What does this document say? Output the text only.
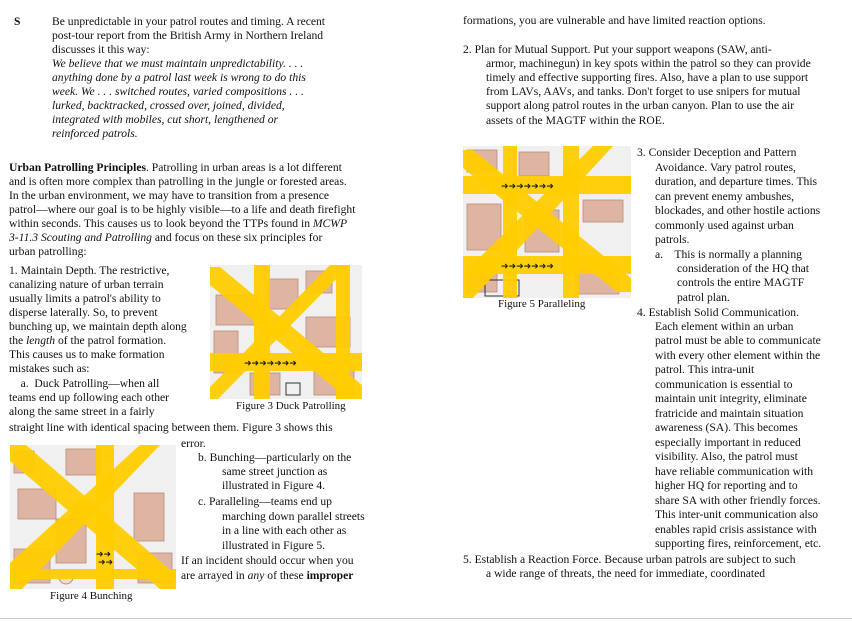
S	Be unpredictable in your patrol routes and timing. A recent
post-tour report from the British Army in Northern Ireland
discusses it this way:
We believe that we must maintain unpredictability. . . .
anything done by a patrol last week is wrong to do this
week. We . . . switched routes, varied compositions . . .
lurked, backtracked, crossed over, joined, divided,
integrated with mobiles, cut short, lengthened or
reinforced patrols.
Urban Patrolling Principles. Patrolling in urban areas is a lot different
and is often more complex than patrolling in the jungle or forested areas.
In the urban environment, we may have to transition from a presence
patrol—where our goal is to be highly visible—to a life and death firefight
within seconds. This causes us to look beyond the TTPs found in MCWP
3-11.3 Scouting and Patrolling and focus on these six principles for
urban patrolling:
1. Maintain Depth. The restrictive,
canalizing nature of urban terrain
usually limits a patrol's ability to
disperse laterally. So, to prevent
bunching up, we maintain depth along
the length of the patrol formation.
This causes us to make formation
mistakes such as:
a.  Duck Patrolling—when all
teams end up following each other
along the same street in a fairly
straight line with identical spacing between them. Figure 3 shows this
error.
b. Bunching—particularly on the
same street junction as
illustrated in Figure 4.
c. Paralleling—teams end up
marching down parallel streets
in a line with each other as
illustrated in Figure 5.
If an incident should occur when you
are arrayed in any of these improper
➜➜➜➜➜➜➜
Figure 3 Duck Patrolling
➜➜
➜➜
Figure 4 Bunching
formations, you are vulnerable and have limited reaction options.
2. Plan for Mutual Support. Put your support weapons (SAW, anti-
armor, machinegun) in key spots within the patrol so they can provide
timely and effective supporting fires. Also, have a plan to use support
from LAVs, AAVs, and tanks. Don't forget to use snipers for mutual
support along patrol routes in the urban canyon. Plan to use the air
assets of the MAGTF within the ROE.
3. Consider Deception and Pattern
Avoidance. Vary patrol routes,
duration, and departure times. This
can prevent enemy ambushes,
blockades, and other hostile actions
commonly used against urban
patrols.
a.    This is normally a planning
consideration of the HQ that
controls the entire MAGTF
patrol plan.
4. Establish Solid Communication.
Each element within an urban
patrol must be able to communicate
with every other element within the
patrol. This intra-unit
communication is essential to
maintain unit integrity, eliminate
fratricide and maintain situation
awareness (SA). This becomes
especially important in reduced
visibility. Also, the patrol must
have reliable communication with
higher HQ for reporting and to
share SA with other friendly forces.
This inter-unit communication also
enables rapid crisis assistance with
supporting fires, reinforcement, etc.
5. Establish a Reaction Force. Because urban patrols are subject to such
a wide range of threats, the need for immediate, coordinated
➜➜➜➜➜➜➜
➜➜➜➜➜➜➜
Figure 5 Paralleling
